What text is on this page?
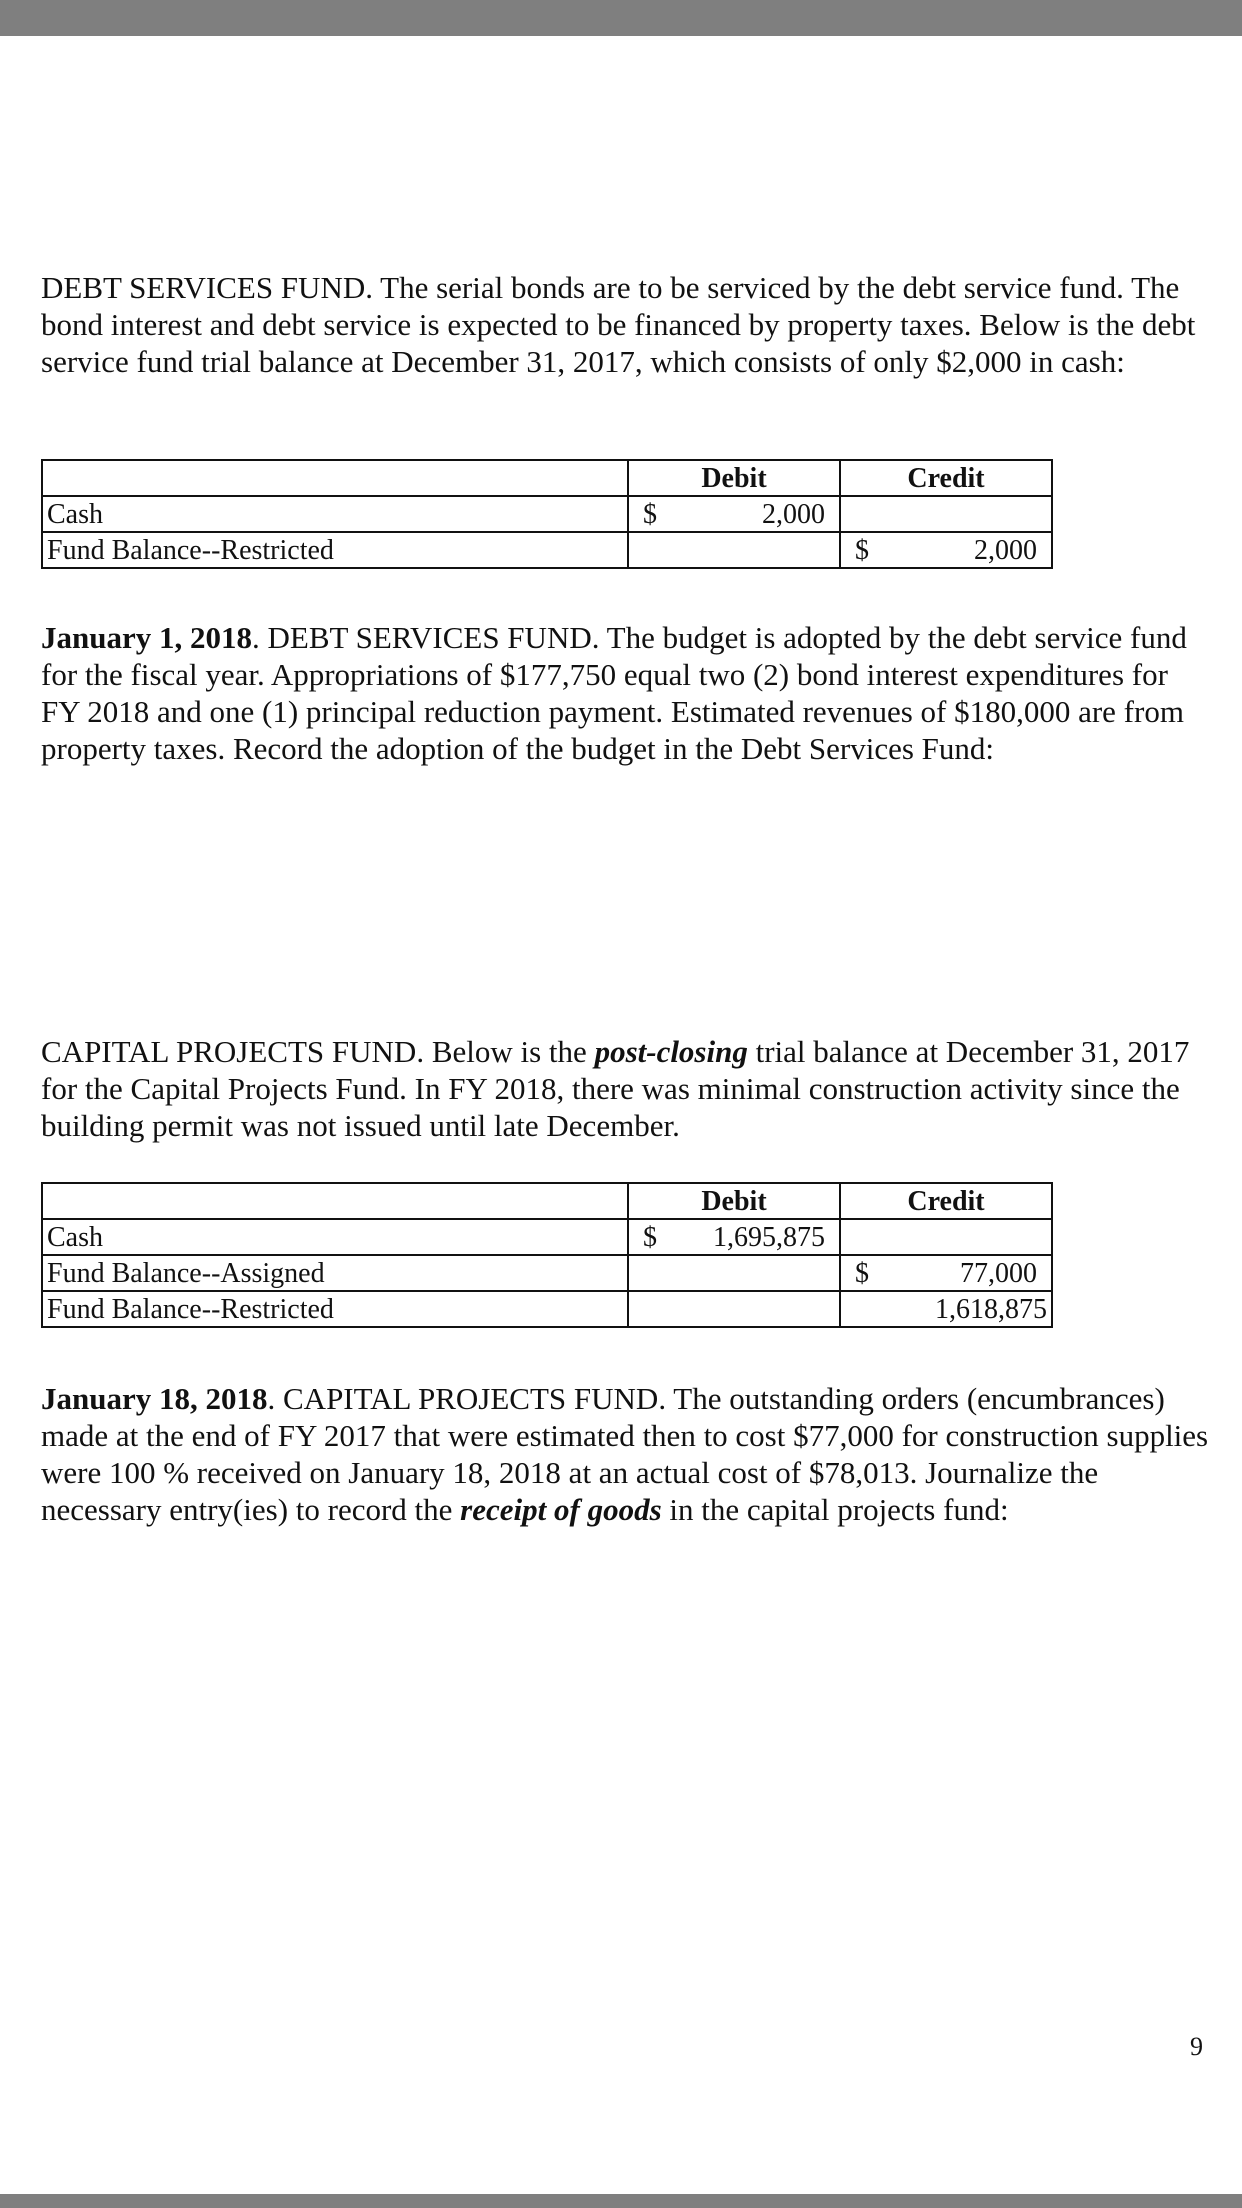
DEBT SERVICES FUND. The serial bonds are to be serviced by the debt service fund. The bond interest and debt service is expected to be financed by property taxes. Below is the debt service fund trial balance at December 31, 2017, which consists of only $2,000 in cash:

	Debit	Credit
Cash	$ 2,000	

Fund Balance--Restricted		$ 2,000

January 1, 2018. DEBT SERVICES FUND. The budget is adopted by the debt service fund for the fiscal year. Appropriations of $177,750 equal two (2) bond interest expenditures for FY 2018 and one (1) principal reduction payment. Estimated revenues of $180,000 are from property taxes. Record the adoption of the budget in the Debt Services Fund:

CAPITAL PROJECTS FUND. Below is the post-closing trial balance at December 31, 2017 for the Capital Projects Fund. In FY 2018, there was minimal construction activity since the building permit was not issued until late December.

	Debit	Credit
Cash	$ 1,695,875	

Fund Balance--Assigned		$ 77,000

Fund Balance--Restricted		1,618,875

January 18, 2018. CAPITAL PROJECTS FUND. The outstanding orders (encumbrances) made at the end of FY 2017 that were estimated then to cost $77,000 for construction supplies were 100 % received on January 18, 2018 at an actual cost of $78,013. Journalize the necessary entry(ies) to record the receipt of goods in the capital projects fund:

9
